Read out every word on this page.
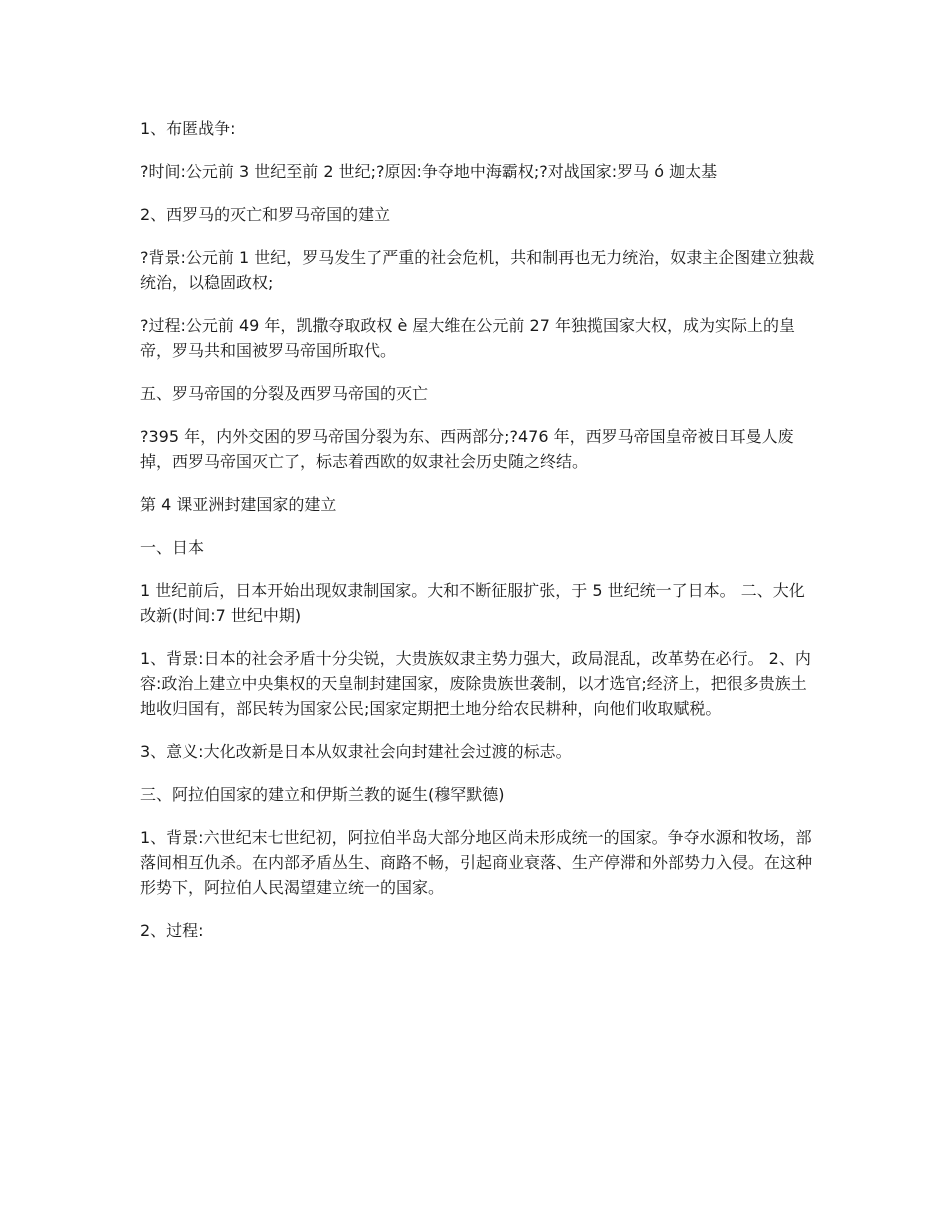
1、布匿战争:

?时间:公元前 3 世纪至前 2 世纪;?原因:争夺地中海霸权;?对战国家:罗马 ó 迦太基

2、西罗马的灭亡和罗马帝国的建立

?背景:公元前 1 世纪，罗马发生了严重的社会危机，共和制再也无力统治，奴隶主企图建立独裁统治，以稳固政权;

?过程:公元前 49 年，凯撒夺取政权 è 屋大维在公元前 27 年独揽国家大权，成为实际上的皇帝，罗马共和国被罗马帝国所取代。

五、罗马帝国的分裂及西罗马帝国的灭亡

?395 年，内外交困的罗马帝国分裂为东、西两部分;?476 年，西罗马帝国皇帝被日耳曼人废掉，西罗马帝国灭亡了，标志着西欧的奴隶社会历史随之终结。

第 4 课亚洲封建国家的建立

一、日本

1 世纪前后，日本开始出现奴隶制国家。大和不断征服扩张，于 5 世纪统一了日本。 二、大化改新(时间:7 世纪中期)

1、背景:日本的社会矛盾十分尖锐，大贵族奴隶主势力强大，政局混乱，改革势在必行。 2、内容:政治上建立中央集权的天皇制封建国家，废除贵族世袭制，以才选官;经济上，把很多贵族土地收归国有，部民转为国家公民;国家定期把土地分给农民耕种，向他们收取赋税。

3、意义:大化改新是日本从奴隶社会向封建社会过渡的标志。

三、阿拉伯国家的建立和伊斯兰教的诞生(穆罕默德)

1、背景:六世纪末七世纪初，阿拉伯半岛大部分地区尚未形成统一的国家。争夺水源和牧场，部落间相互仇杀。在内部矛盾丛生、商路不畅，引起商业衰落、生产停滞和外部势力入侵。在这种形势下，阿拉伯人民渴望建立统一的国家。

2、过程:
